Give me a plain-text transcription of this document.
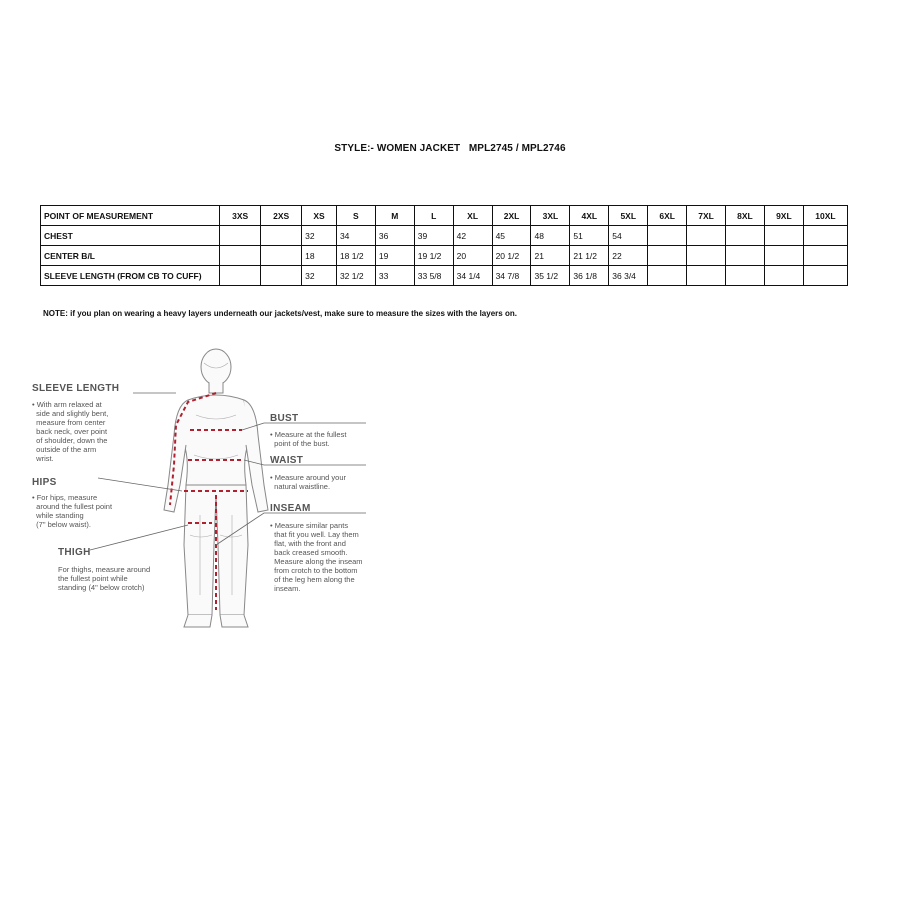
STYLE:- WOMEN JACKET   MPL2745 / MPL2746
POINT OF MEASUREMENT	3XS	2XS	XS	S	M	L	XL	2XL	3XL	4XL	5XL	6XL	7XL	8XL	9XL	10XL
CHEST			32	34	36	39	42	45	48	51	54					
CENTER B/L			18	18 1/2	19	19 1/2	20	20 1/2	21	21 1/2	22					
SLEEVE LENGTH (FROM CB TO CUFF)			32	32 1/2	33	33 5/8	34 1/4	34 7/8	35 1/2	36 1/8	36 3/4					
NOTE: if you plan on wearing a heavy layers underneath our jackets/vest, make sure to measure the sizes with the layers on.
SLEEVE LENGTH
• With arm relaxed at
side and slightly bent,
measure from center
back neck, over point
of shoulder, down the
outside of the arm
wrist.
HIPS
• For hips, measure
around the fullest point
while standing
(7" below waist).
THIGH
For thighs, measure around
the fullest point while
standing (4" below crotch)
BUST
• Measure at the fullest
point of the bust.
WAIST
• Measure around your
natural waistline.
INSEAM
• Measure similar pants
that fit you well. Lay them
flat, with the front and
back creased smooth.
Measure along the inseam
from crotch to the bottom
of the leg hem along the
inseam.
